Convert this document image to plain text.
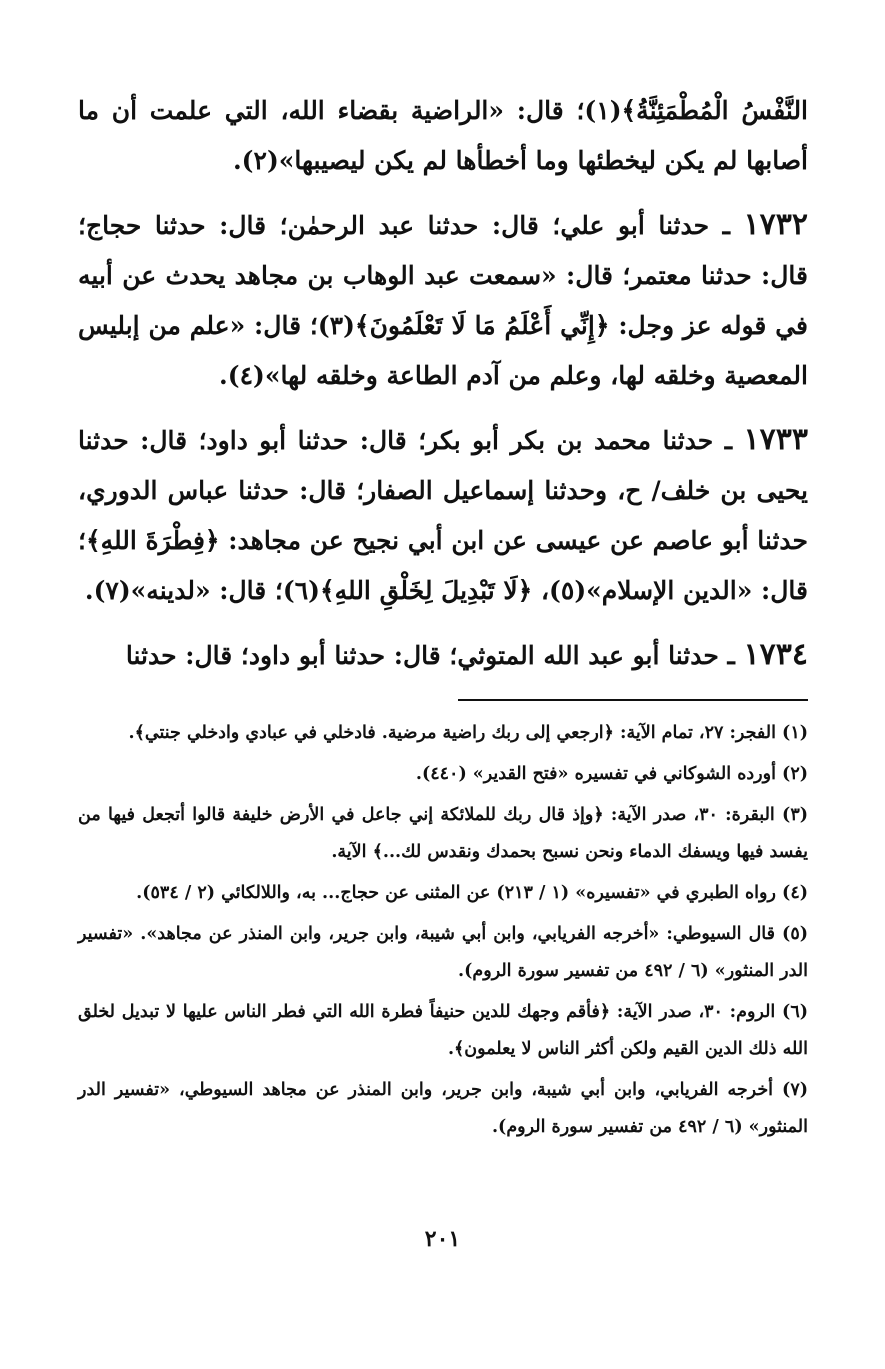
النَّفْسُ الْمُطْمَئِنَّةُ﴾(١)؛ قال: «الراضية بقضاء الله، التي علمت أن ما أصابها لم يكن ليخطئها وما أخطأها لم يكن ليصيبها»(٢).

١٧٣٢ ـ حدثنا أبو علي؛ قال: حدثنا عبد الرحمٰن؛ قال: حدثنا حجاج؛ قال: حدثنا معتمر؛ قال: «سمعت عبد الوهاب بن مجاهد يحدث عن أبيه في قوله عز وجل: ﴿إِنِّي أَعْلَمُ مَا لَا تَعْلَمُونَ﴾(٣)؛ قال: «علم من إبليس المعصية وخلقه لها، وعلم من آدم الطاعة وخلقه لها»(٤).

١٧٣٣ ـ حدثنا محمد بن بكر أبو بكر؛ قال: حدثنا أبو داود؛ قال: حدثنا يحيى بن خلف/ ح، وحدثنا إسماعيل الصفار؛ قال: حدثنا عباس الدوري، حدثنا أبو عاصم عن عيسى عن ابن أبي نجيح عن مجاهد: ﴿فِطْرَةَ اللهِ﴾؛ قال: «الدين الإسلام»(٥)، ﴿لَا تَبْدِيلَ لِخَلْقِ اللهِ﴾(٦)؛ قال: «لدينه»(٧).

١٧٣٤ ـ حدثنا أبو عبد الله المتوثي؛ قال: حدثنا أبو داود؛ قال: حدثنا

(١) الفجر: ٢٧، تمام الآية: ﴿ارجعي إلى ربك راضية مرضية. فادخلي في عبادي وادخلي جنتي﴾.

(٢) أورده الشوكاني في تفسيره «فتح القدير» (٤٤٠).

(٣) البقرة: ٣٠، صدر الآية: ﴿وإذ قال ربك للملائكة إني جاعل في الأرض خليفة قالوا أتجعل فيها من يفسد فيها ويسفك الدماء ونحن نسبح بحمدك ونقدس لك...﴾ الآية.

(٤) رواه الطبري في «تفسيره» (١ / ٢١٣) عن المثنى عن حجاج... به، واللالكائي (٢ / ٥٣٤).

(٥) قال السيوطي: «أخرجه الفريابي، وابن أبي شيبة، وابن جرير، وابن المنذر عن مجاهد». «تفسير الدر المنثور» (٦ / ٤٩٢ من تفسير سورة الروم).

(٦) الروم: ٣٠، صدر الآية: ﴿فأقم وجهك للدين حنيفاً فطرة الله التي فطر الناس عليها لا تبديل لخلق الله ذلك الدين القيم ولكن أكثر الناس لا يعلمون﴾.

(٧) أخرجه الفريابي، وابن أبي شيبة، وابن جرير، وابن المنذر عن مجاهد السيوطي، «تفسير الدر المنثور» (٦ / ٤٩٢ من تفسير سورة الروم).

٢٠١
